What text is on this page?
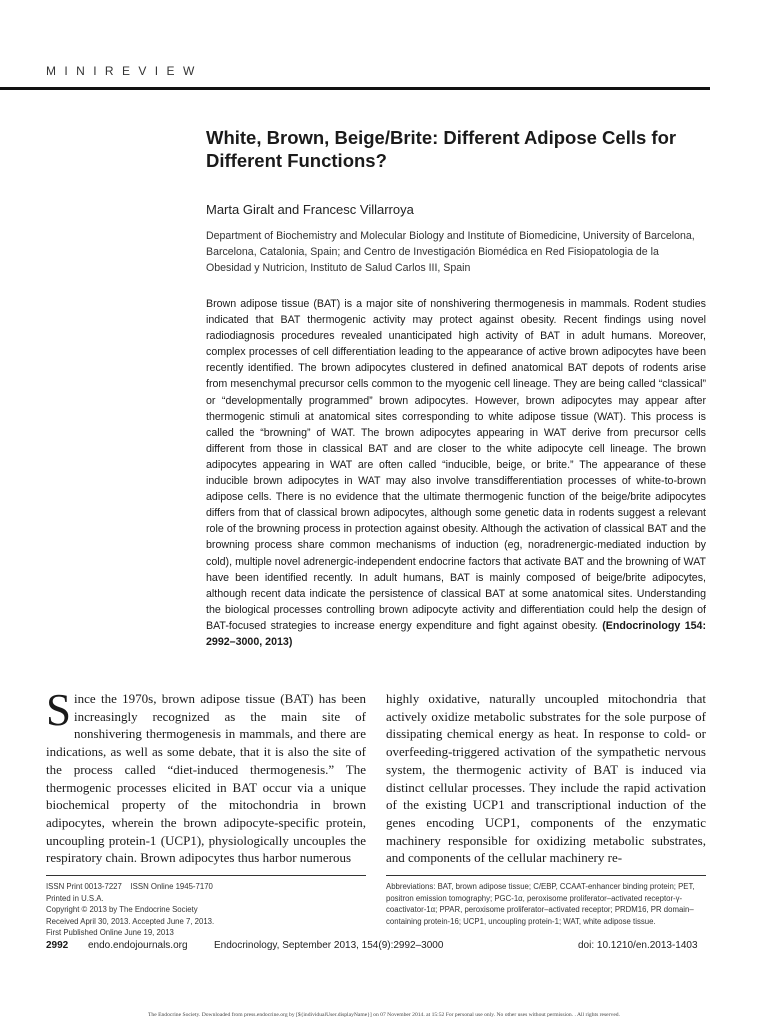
MINIREVIEW
White, Brown, Beige/Brite: Different Adipose Cells for Different Functions?
Marta Giralt and Francesc Villarroya
Department of Biochemistry and Molecular Biology and Institute of Biomedicine, University of Barcelona, Barcelona, Catalonia, Spain; and Centro de Investigación Biomédica en Red Fisiopatologia de la Obesidad y Nutricion, Instituto de Salud Carlos III, Spain

Brown adipose tissue (BAT) is a major site of nonshivering thermogenesis in mammals. Rodent studies indicated that BAT thermogenic activity may protect against obesity. Recent findings using novel radiodiagnosis procedures revealed unanticipated high activity of BAT in adult humans. Moreover, complex processes of cell differentiation leading to the appearance of active brown adipocytes have been recently identified. The brown adipocytes clustered in defined anatomical BAT depots of rodents arise from mesenchymal precursor cells common to the myogenic cell lineage. They are being called “classical” or “developmentally programmed” brown adipocytes. However, brown adipocytes may appear after thermogenic stimuli at anatomical sites corresponding to white adipose tissue (WAT). This process is called the “browning” of WAT. The brown adipocytes appearing in WAT derive from precursor cells different from those in classical BAT and are closer to the white adipocyte cell lineage. The brown adipocytes appearing in WAT are often called “inducible, beige, or brite.” The appearance of these inducible brown adipocytes in WAT may also involve transdifferentiation processes of white-to-brown adipose cells. There is no evidence that the ultimate thermogenic function of the beige/brite adipocytes differs from that of classical brown adipocytes, although some genetic data in rodents suggest a relevant role of the browning process in protection against obesity. Although the activation of classical BAT and the browning process share common mechanisms of induction (eg, noradrenergic-mediated induction by cold), multiple novel adrenergic-independent endocrine factors that activate BAT and the browning of WAT have been identified recently. In adult humans, BAT is mainly composed of beige/brite adipocytes, although recent data indicate the persistence of classical BAT at some anatomical sites. Understanding the biological processes controlling brown adipocyte activity and differentiation could help the design of BAT-focused strategies to increase energy expenditure and fight against obesity. (Endocrinology 154: 2992–3000, 2013)

Since the 1970s, brown adipose tissue (BAT) has been increasingly recognized as the main site of nonshivering thermogenesis in mammals, and there are indications, as well as some debate, that it is also the site of the process called “diet-induced thermogenesis.” The thermogenic processes elicited in BAT occur via a unique biochemical property of the mitochondria in brown adipocytes, wherein the brown adipocyte-specific protein, uncoupling protein-1 (UCP1), physiologically uncouples the respiratory chain. Brown adipocytes thus harbor numerous

highly oxidative, naturally uncoupled mitochondria that actively oxidize metabolic substrates for the sole purpose of dissipating chemical energy as heat. In response to cold- or overfeeding-triggered activation of the sympathetic nervous system, the thermogenic activity of BAT is induced via distinct cellular processes. They include the rapid activation of the existing UCP1 and transcriptional induction of the genes encoding UCP1, components of the enzymatic machinery responsible for oxidizing metabolic substrates, and components of the cellular machinery re-

ISSN Print 0013-7227    ISSN Online 1945-7170
Printed in U.S.A.
Copyright © 2013 by The Endocrine Society
Received April 30, 2013. Accepted June 7, 2013.
First Published Online June 19, 2013

Abbreviations: BAT, brown adipose tissue; C/EBP, CCAAT-enhancer binding protein; PET, positron emission tomography; PGC-1α, peroxisome proliferator–activated receptor-γ-coactivator-1α; PPAR, peroxisome proliferator–activated receptor; PRDM16, PR domain–containing protein-16; UCP1, uncoupling protein-1; WAT, white adipose tissue.

2992 endo.endojournals.org	Endocrinology, September 2013, 154(9):2992–3000	doi: 10.1210/en.2013-1403
The Endocrine Society. Downloaded from press.endocrine.org by [${individualUser.displayName}] on 07 November 2014. at 15:52 For personal use only. No other uses without permission. . All rights reserved.
